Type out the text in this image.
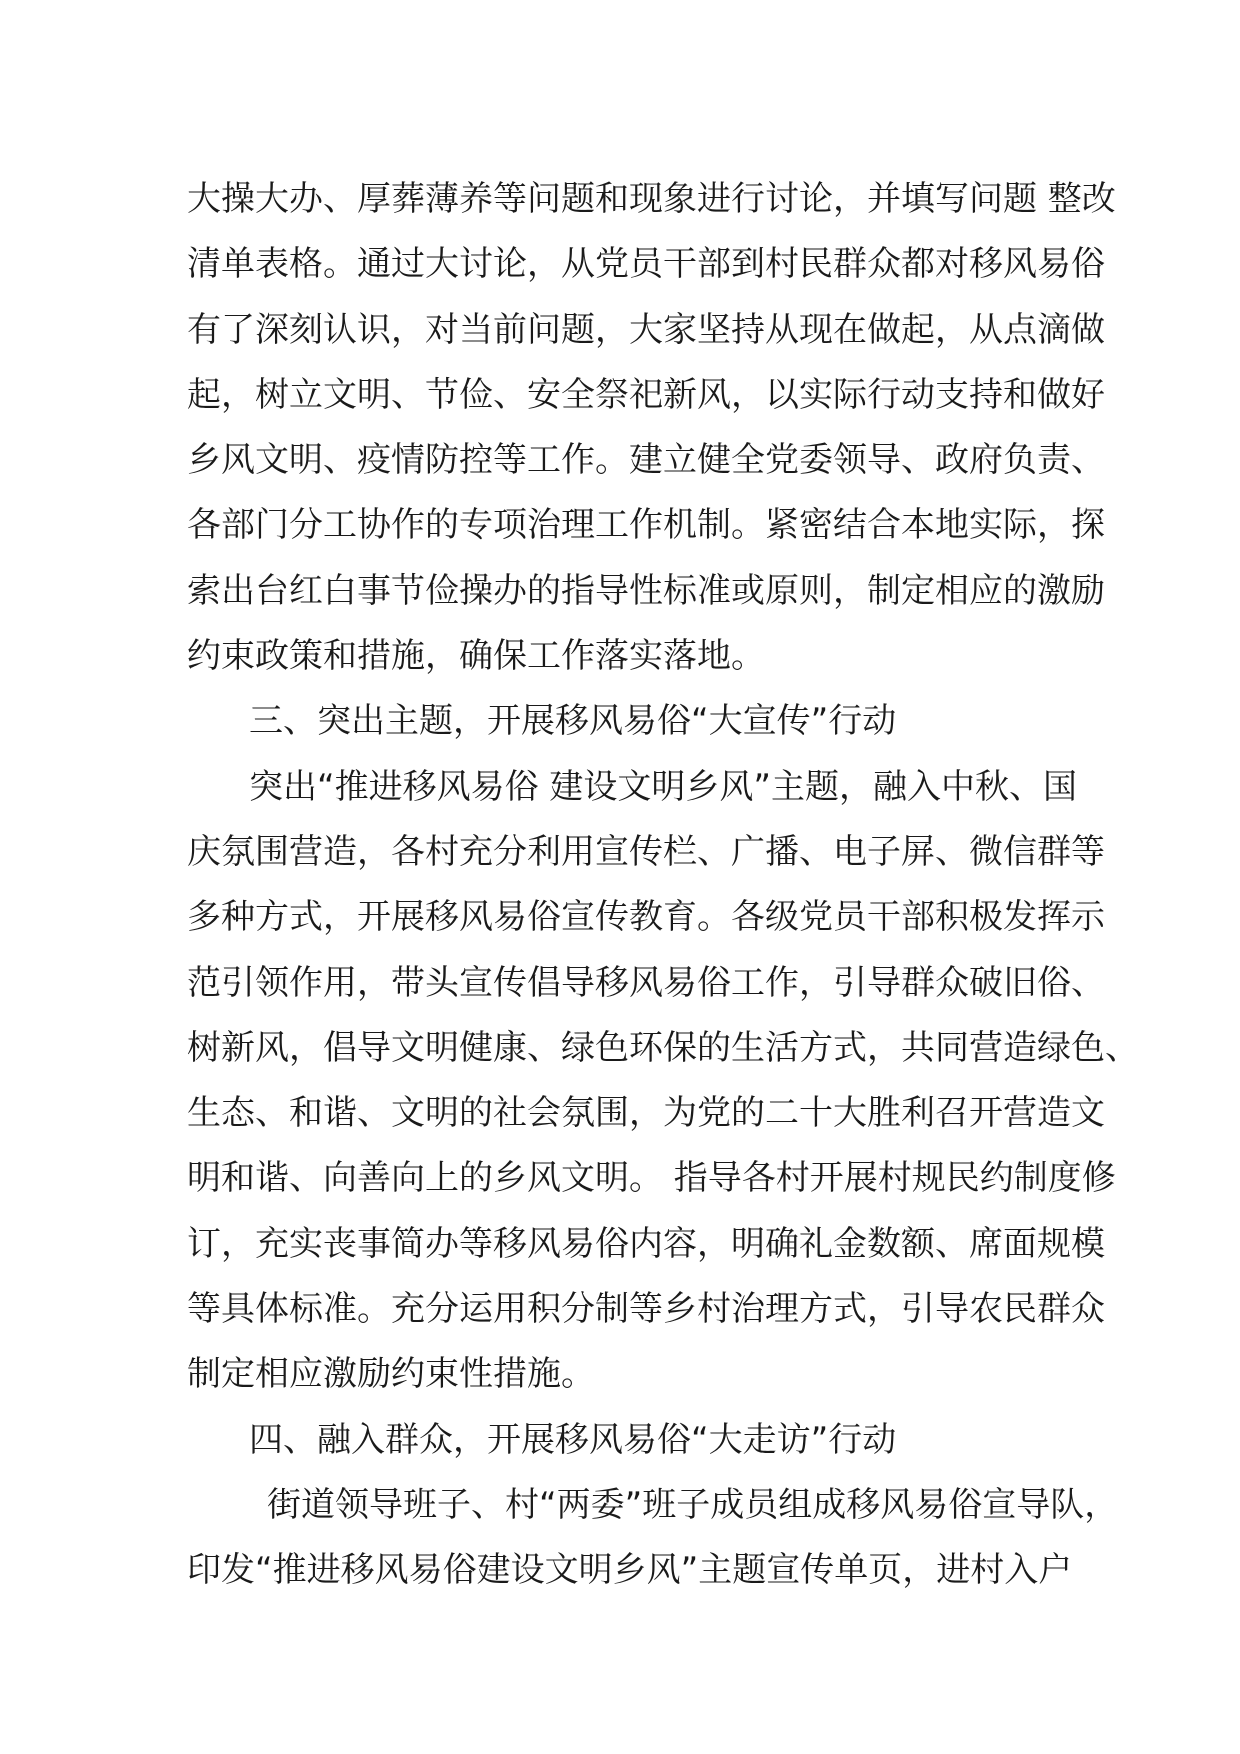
大操大办、厚葬薄养等问题和现象进行讨论，并填写问题 整改
清单表格。通过大讨论，从党员干部到村民群众都对移风易俗
有了深刻认识，对当前问题，大家坚持从现在做起，从点滴做
起，树立文明、节俭、安全祭祀新风，以实际行动支持和做好
乡风文明、疫情防控等工作。建立健全党委领导、政府负责、
各部门分工协作的专项治理工作机制。紧密结合本地实际，探
索出台红白事节俭操办的指导性标准或原则，制定相应的激励
约束政策和措施，确保工作落实落地。
三、突出主题，开展移风易俗“大宣传”行动
突出“推进移风易俗 建设文明乡风”主题，融入中秋、国
庆氛围营造，各村充分利用宣传栏、广播、电子屏、微信群等
多种方式，开展移风易俗宣传教育。各级党员干部积极发挥示
范引领作用，带头宣传倡导移风易俗工作，引导群众破旧俗、
树新风，倡导文明健康、绿色环保的生活方式，共同营造绿色、
生态、和谐、文明的社会氛围，为党的二十大胜利召开营造文
明和谐、向善向上的乡风文明。 指导各村开展村规民约制度修
订，充实丧事简办等移风易俗内容，明确礼金数额、席面规模
等具体标准。充分运用积分制等乡村治理方式，引导农民群众
制定相应激励约束性措施。
四、融入群众，开展移风易俗“大走访”行动
街道领导班子、村“两委”班子成员组成移风易俗宣导队，
印发“推进移风易俗建设文明乡风”主题宣传单页，进村入户
